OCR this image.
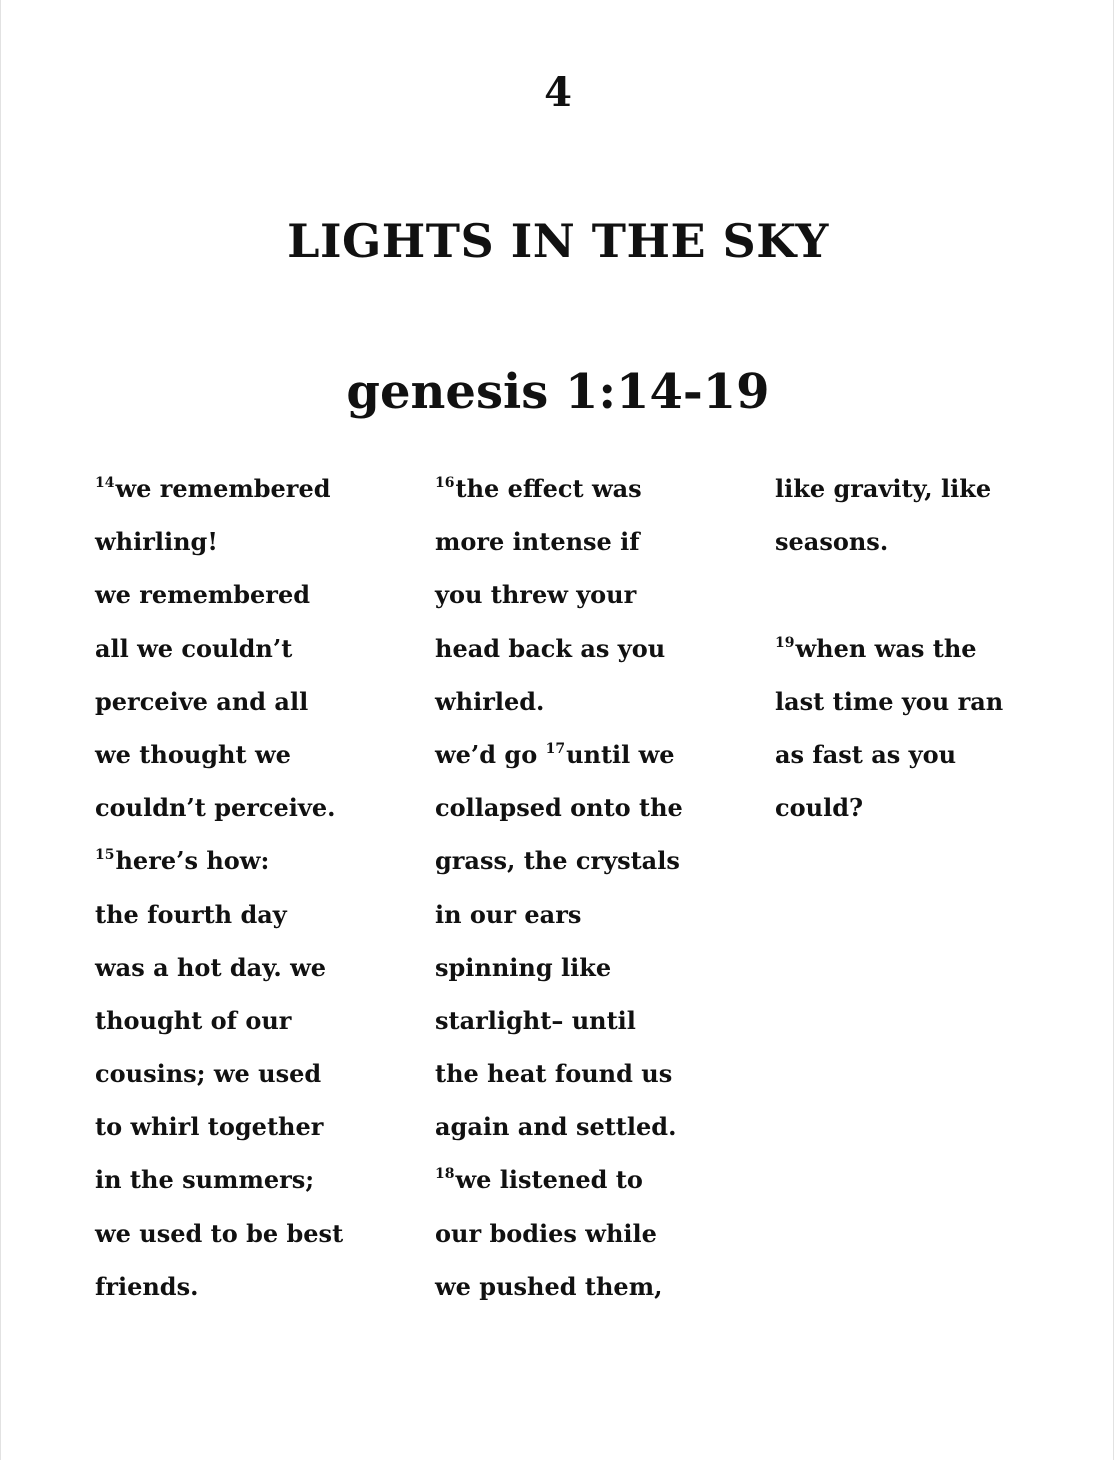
4
LIGHTS IN THE SKY
genesis 1:14-19
$^{14}$we remembered
whirling!
we remembered
all we couldn’t
perceive and all
we thought we
couldn’t perceive.
$^{15}$here’s how:
the fourth day
was a hot day. we
thought of our
cousins; we used
to whirl together
in the summers;
we used to be best
friends.
$^{16}$the effect was
more intense if
you threw your
head back as you
whirled.
we’d go $^{17}$until we
collapsed onto the
grass, the crystals
in our ears
spinning like
starlight– until
the heat found us
again and settled.
$^{18}$we listened to
our bodies while
we pushed them,
like gravity, like
seasons.
$^{19}$when was the
last time you ran
as fast as you
could?
